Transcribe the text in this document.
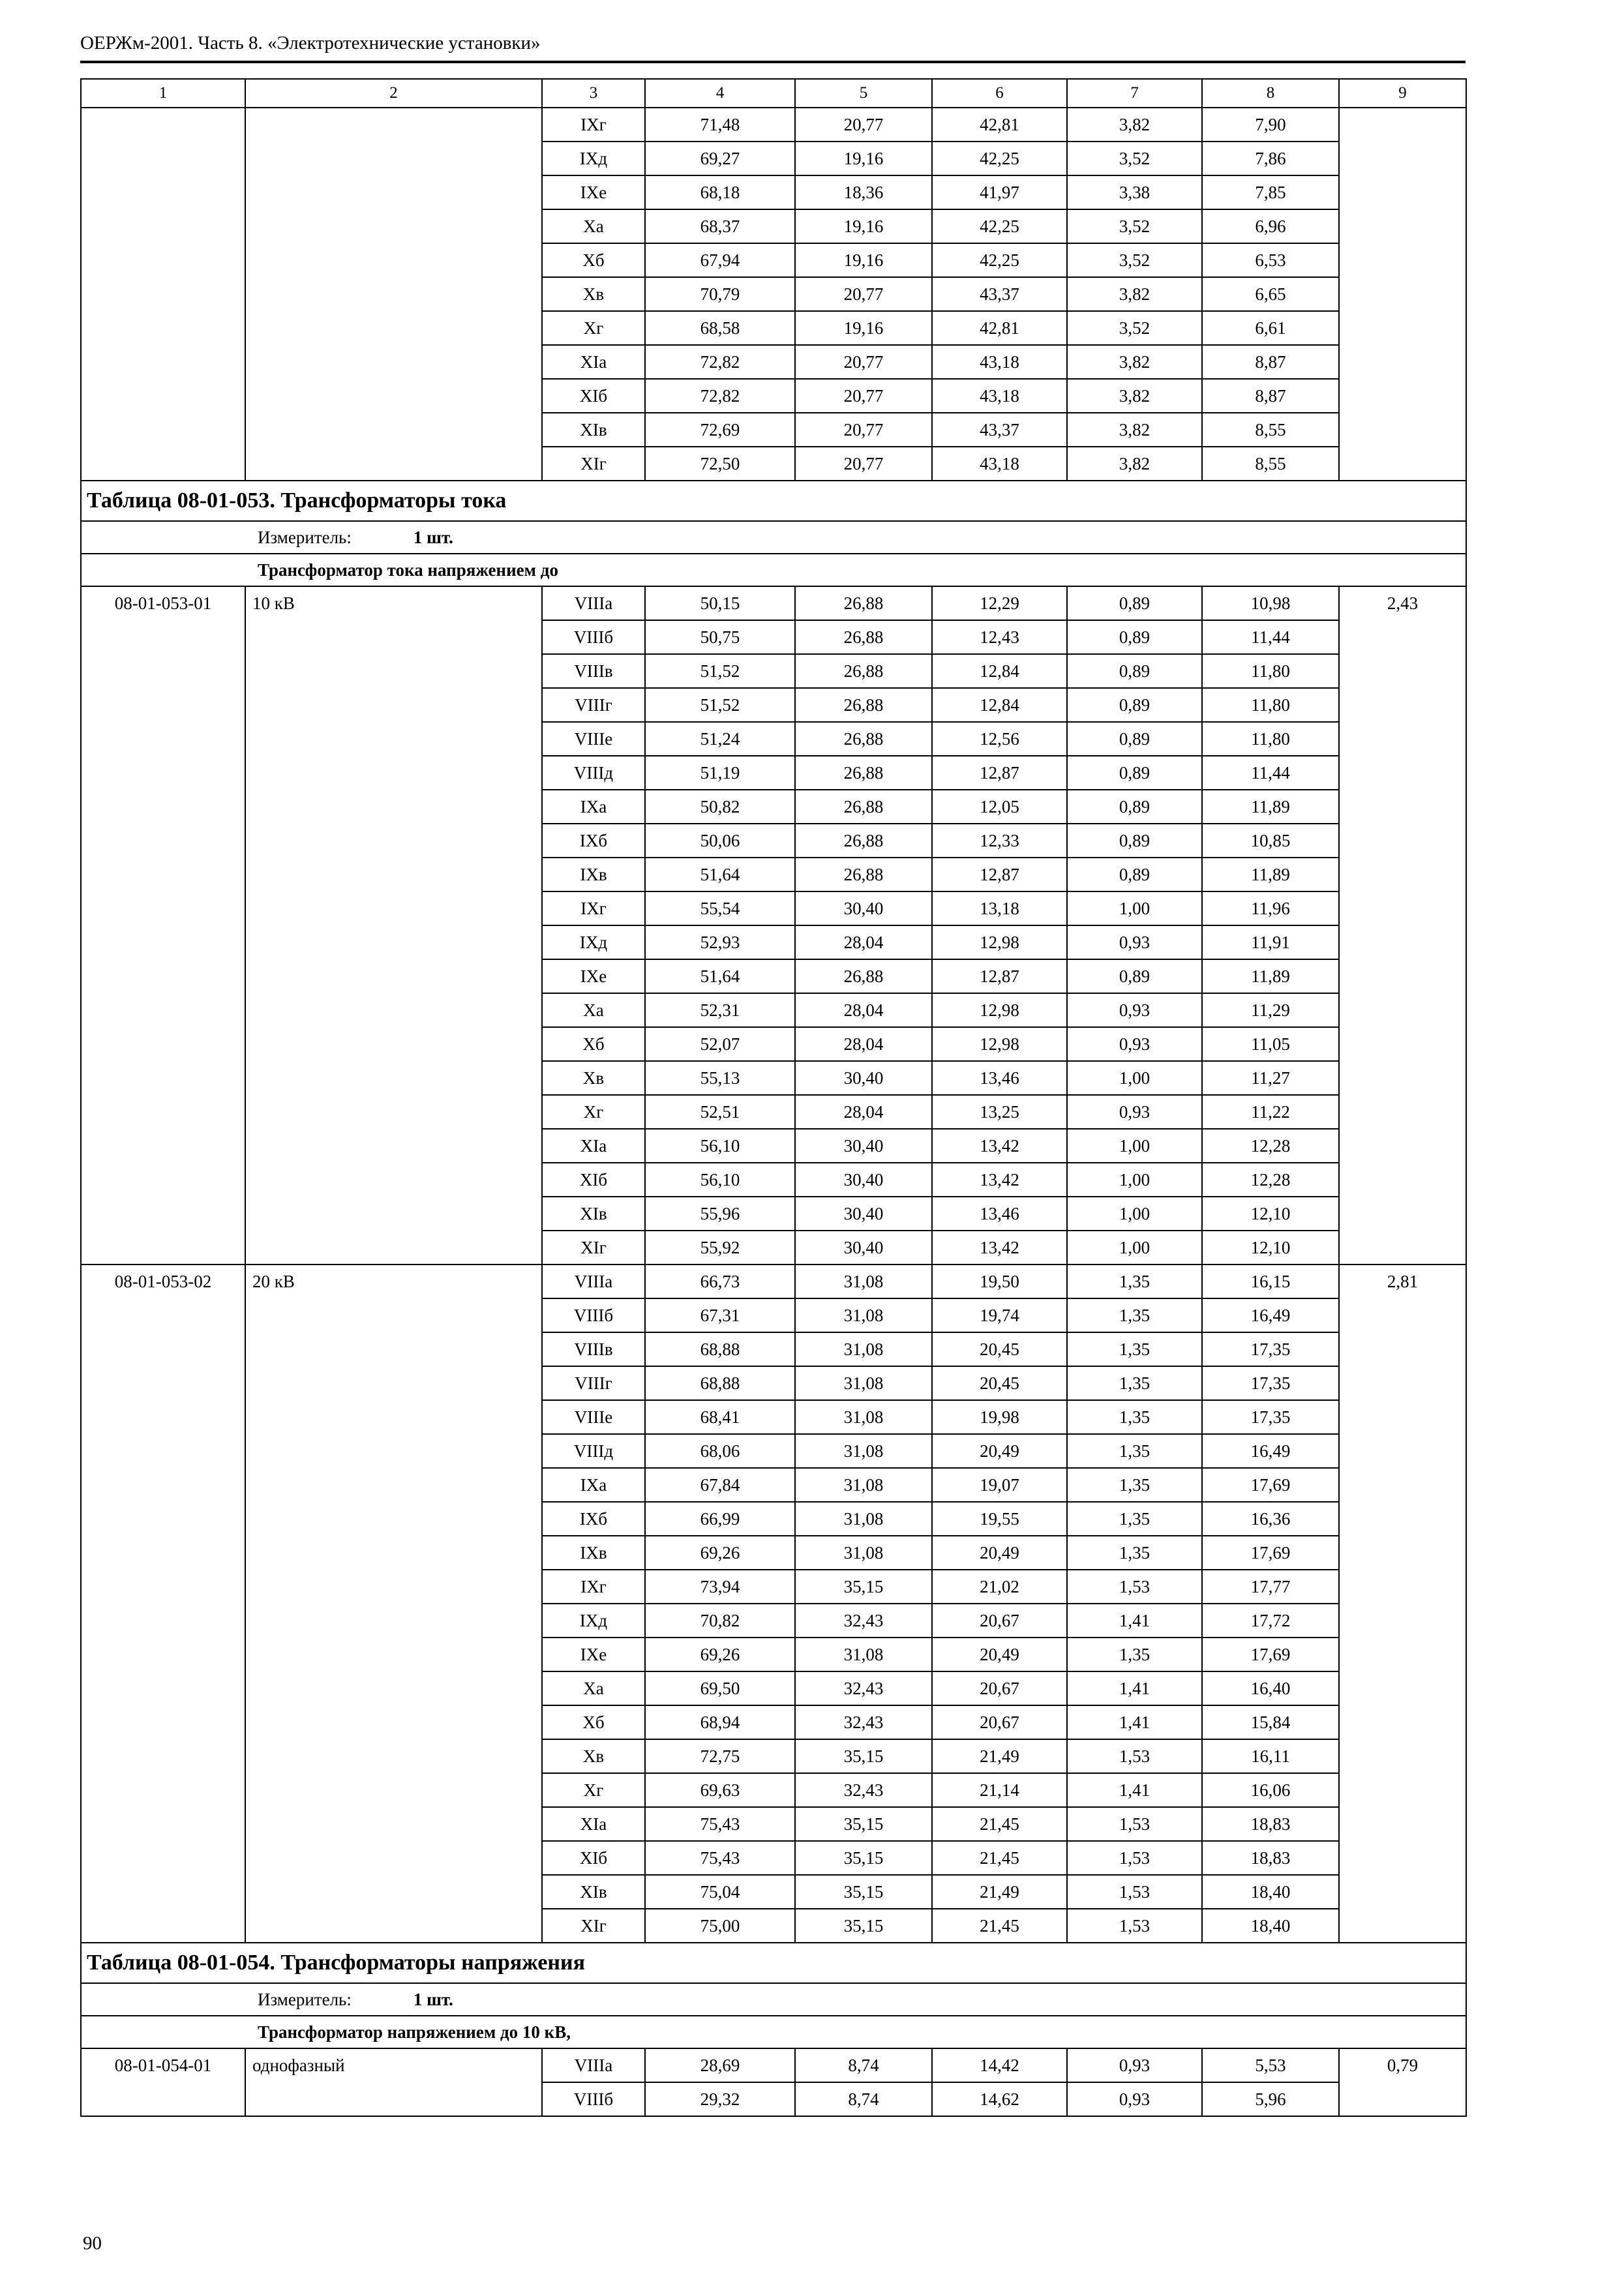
ОЕРЖм-2001. Часть 8. «Электротехнические установки»
1	2	3	4	5	6	7	8	9
		IXг	71,48	20,77	42,81	3,82	7,90	
		IXд	69,27	19,16	42,25	3,52	7,86	
		IXе	68,18	18,36	41,97	3,38	7,85	
		Xа	68,37	19,16	42,25	3,52	6,96	
		Xб	67,94	19,16	42,25	3,52	6,53	
		Xв	70,79	20,77	43,37	3,82	6,65	
		Xг	68,58	19,16	42,81	3,52	6,61	
		XIа	72,82	20,77	43,18	3,82	8,87	
		XIб	72,82	20,77	43,18	3,82	8,87	
		XIв	72,69	20,77	43,37	3,82	8,55	
		XIг	72,50	20,77	43,18	3,82	8,55	
Таблица 08-01-053. Трансформаторы тока								
Измеритель: 1 шт.								
Трансформатор тока напряжением до								
08-01-053-01	10 кВ	VIIIа	50,15	26,88	12,29	0,89	10,98	2,43
		VIIIб	50,75	26,88	12,43	0,89	11,44	
		VIIIв	51,52	26,88	12,84	0,89	11,80	
		VIIIг	51,52	26,88	12,84	0,89	11,80	
		VIIIе	51,24	26,88	12,56	0,89	11,80	
		VIIIд	51,19	26,88	12,87	0,89	11,44	
		IXа	50,82	26,88	12,05	0,89	11,89	
		IXб	50,06	26,88	12,33	0,89	10,85	
		IXв	51,64	26,88	12,87	0,89	11,89	
		IXг	55,54	30,40	13,18	1,00	11,96	
		IXд	52,93	28,04	12,98	0,93	11,91	
		IXе	51,64	26,88	12,87	0,89	11,89	
		Xа	52,31	28,04	12,98	0,93	11,29	
		Xб	52,07	28,04	12,98	0,93	11,05	
		Xв	55,13	30,40	13,46	1,00	11,27	
		Xг	52,51	28,04	13,25	0,93	11,22	
		XIа	56,10	30,40	13,42	1,00	12,28	
		XIб	56,10	30,40	13,42	1,00	12,28	
		XIв	55,96	30,40	13,46	1,00	12,10	
		XIг	55,92	30,40	13,42	1,00	12,10	
08-01-053-02	20 кВ	VIIIа	66,73	31,08	19,50	1,35	16,15	2,81
		VIIIб	67,31	31,08	19,74	1,35	16,49	
		VIIIв	68,88	31,08	20,45	1,35	17,35	
		VIIIг	68,88	31,08	20,45	1,35	17,35	
		VIIIе	68,41	31,08	19,98	1,35	17,35	
		VIIIд	68,06	31,08	20,49	1,35	16,49	
		IXа	67,84	31,08	19,07	1,35	17,69	
		IXб	66,99	31,08	19,55	1,35	16,36	
		IXв	69,26	31,08	20,49	1,35	17,69	
		IXг	73,94	35,15	21,02	1,53	17,77	
		IXд	70,82	32,43	20,67	1,41	17,72	
		IXе	69,26	31,08	20,49	1,35	17,69	
		Xа	69,50	32,43	20,67	1,41	16,40	
		Xб	68,94	32,43	20,67	1,41	15,84	
		Xв	72,75	35,15	21,49	1,53	16,11	
		Xг	69,63	32,43	21,14	1,41	16,06	
		XIа	75,43	35,15	21,45	1,53	18,83	
		XIб	75,43	35,15	21,45	1,53	18,83	
		XIв	75,04	35,15	21,49	1,53	18,40	
		XIг	75,00	35,15	21,45	1,53	18,40	
Таблица 08-01-054. Трансформаторы напряжения								
Измеритель: 1 шт.								
Трансформатор напряжением до 10 кВ,								
08-01-054-01	однофазный	VIIIа	28,69	8,74	14,42	0,93	5,53	0,79
		VIIIб	29,32	8,74	14,62	0,93	5,96	
90
